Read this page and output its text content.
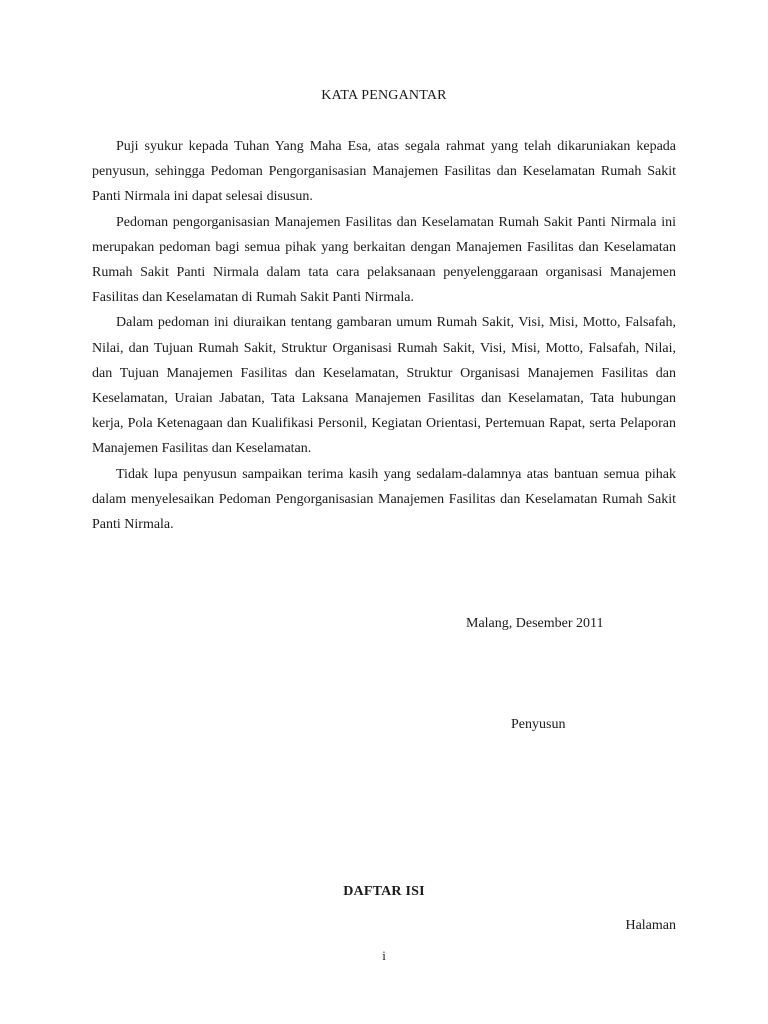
KATA PENGANTAR

Puji syukur kepada Tuhan Yang Maha Esa, atas segala rahmat yang telah dikaruniakan kepada penyusun, sehingga Pedoman Pengorganisasian Manajemen Fasilitas dan Keselamatan Rumah Sakit Panti Nirmala ini dapat selesai disusun.

Pedoman pengorganisasian Manajemen Fasilitas dan Keselamatan Rumah Sakit Panti Nirmala ini merupakan pedoman bagi semua pihak yang berkaitan dengan Manajemen Fasilitas dan Keselamatan Rumah Sakit Panti Nirmala dalam tata cara pelaksanaan penyelenggaraan organisasi Manajemen Fasilitas dan Keselamatan di Rumah Sakit Panti Nirmala.

Dalam pedoman ini diuraikan tentang gambaran umum Rumah Sakit, Visi, Misi, Motto, Falsafah, Nilai, dan Tujuan Rumah Sakit, Struktur Organisasi Rumah Sakit, Visi, Misi, Motto, Falsafah, Nilai, dan Tujuan Manajemen Fasilitas dan Keselamatan, Struktur Organisasi Manajemen Fasilitas dan Keselamatan, Uraian Jabatan, Tata Laksana Manajemen Fasilitas dan Keselamatan, Tata hubungan kerja, Pola Ketenagaan dan Kualifikasi Personil, Kegiatan Orientasi, Pertemuan Rapat, serta Pelaporan Manajemen Fasilitas dan Keselamatan.

Tidak lupa penyusun sampaikan terima kasih yang sedalam-dalamnya atas bantuan semua pihak dalam menyelesaikan Pedoman Pengorganisasian Manajemen Fasilitas dan Keselamatan Rumah Sakit Panti Nirmala.

Malang, Desember 2011
Penyusun
DAFTAR ISI
Halaman
i
